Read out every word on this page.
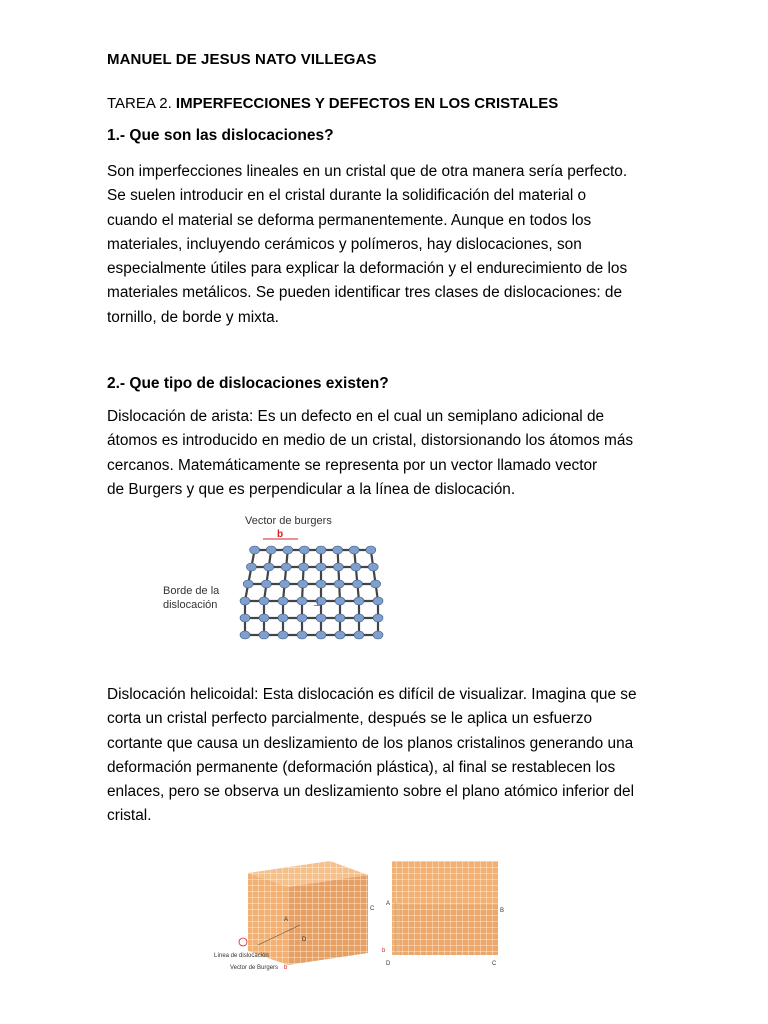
MANUEL DE JESUS NATO VILLEGAS
TAREA 2. IMPERFECCIONES Y DEFECTOS EN LOS CRISTALES
1.- Que son las dislocaciones?
Son imperfecciones lineales en un cristal que de otra manera sería perfecto.
Se suelen introducir en el cristal durante la solidificación del material o
cuando el material se deforma permanentemente. Aunque en todos los
materiales, incluyendo cerámicos y polímeros, hay dislocaciones, son
especialmente útiles para explicar la deformación y el endurecimiento de los
materiales metálicos. Se pueden identificar tres clases de dislocaciones: de
tornillo, de borde y mixta.
2.- Que tipo de dislocaciones existen?
Dislocación de arista: Es un defecto en el cual un semiplano adicional de
átomos es introducido en medio de un cristal, distorsionando los átomos más
cercanos. Matemáticamente se representa por un vector llamado vector
de Burgers y que es perpendicular a la línea de dislocación.
Vector de burgers
b
Borde de la
dislocación	⊥
Dislocación helicoidal: Esta dislocación es difícil de visualizar. Imagina que se
corta un cristal perfecto parcialmente, después se le aplica un esfuerzo
cortante que causa un deslizamiento de los planos cristalinos generando una
deformación permanente (deformación plástica), al final se restablecen los
enlaces, pero se observa un deslizamiento sobre el plano atómico inferior del
cristal.
A
C
D
Línea de dislocación
Vector de Burgers b
A
B
b
D	C
